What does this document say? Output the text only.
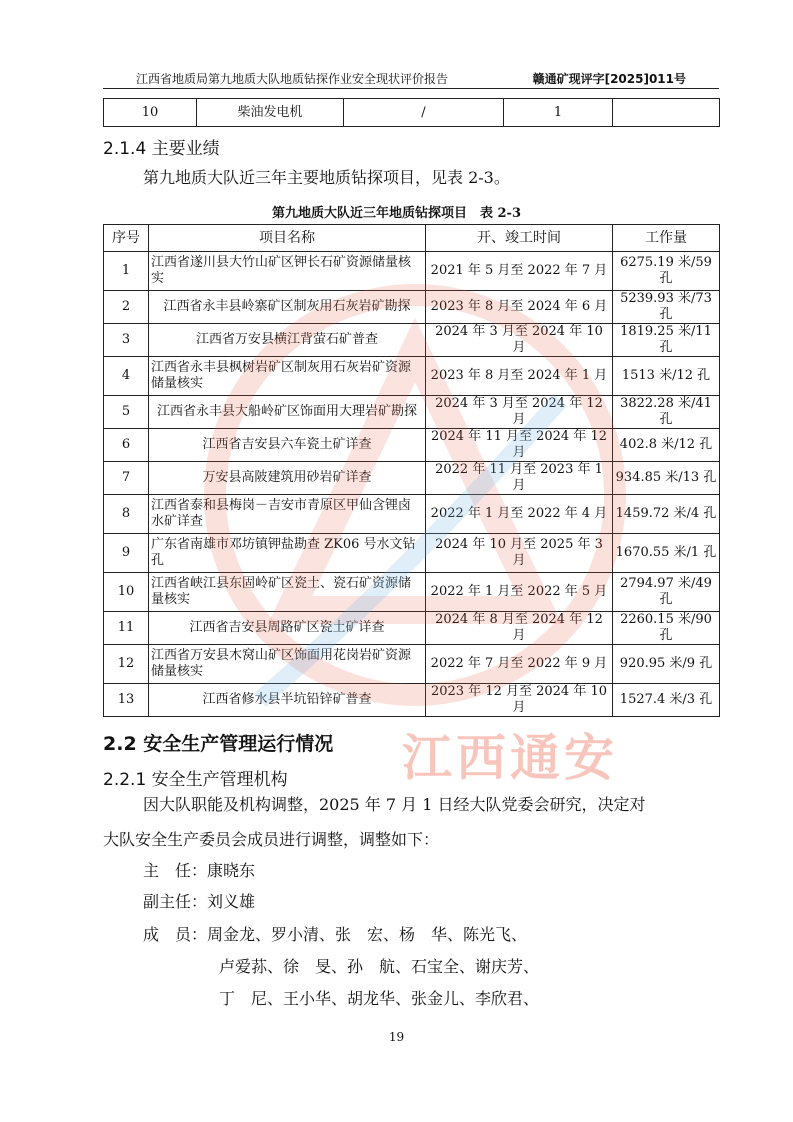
江西省地质局第九地质大队地质钻探作业安全现状评价报告	赣通矿现评字[2025]011号
10	柴油发电机	/	1	
2.1.4 主要业绩
第九地质大队近三年主要地质钻探项目，见表 2-3。
第九地质大队近三年地质钻探项目　表 2-3
序号	项目名称	开、竣工时间	工作量
1	江西省遂川县大竹山矿区钾长石矿资源储量核实	2021 年 5 月至 2022 年 7 月	6275.19 米/59 孔
2	江西省永丰县岭寨矿区制灰用石灰岩矿勘探	2023 年 8 月至 2024 年 6 月	5239.93 米/73 孔
3	江西省万安县横江背萤石矿普查	2024 年 3 月至 2024 年 10 月	1819.25 米/11 孔
4	江西省永丰县枫树岩矿区制灰用石灰岩矿资源储量核实	2023 年 8 月至 2024 年 1 月	1513 米/12 孔
5	江西省永丰县大船岭矿区饰面用大理岩矿勘探	2024 年 3 月至 2024 年 12 月	3822.28 米/41 孔
6	江西省吉安县六车瓷土矿详查	2024 年 11 月至 2024 年 12 月	402.8 米/12 孔
7	万安县高陂建筑用砂岩矿详查	2022 年 11 月至 2023 年 1 月	934.85 米/13 孔
8	江西省泰和县梅岗－吉安市青原区甲仙含锂卤水矿详查	2022 年 1 月至 2022 年 4 月	1459.72 米/4 孔
9	广东省南雄市邓坊镇钾盐勘查 ZK06 号水文钻孔	2024 年 10 月至 2025 年 3 月	1670.55 米/1 孔
10	江西省峡江县东固岭矿区瓷土、瓷石矿资源储量核实	2022 年 1 月至 2022 年 5 月	2794.97 米/49 孔
11	江西省吉安县周路矿区瓷土矿详查	2024 年 8 月至 2024 年 12 月	2260.15 米/90 孔
12	江西省万安县木窝山矿区饰面用花岗岩矿资源储量核实	2022 年 7 月至 2022 年 9 月	920.95 米/9 孔
13	江西省修水县半坑铅锌矿普查	2023 年 12 月至 2024 年 10 月	1527.4 米/3 孔
2.2 安全生产管理运行情况
2.2.1 安全生产管理机构
因大队职能及机构调整，2025 年 7 月 1 日经大队党委会研究，决定对
大队安全生产委员会成员进行调整，调整如下：
主　任：康晓东
副主任：刘义雄
成　员：周金龙、罗小清、张　宏、杨　华、陈光飞、
卢爱荪、徐　旻、孙　航、石宝全、谢庆芳、
丁　尼、王小华、胡龙华、张金儿、李欣君、
19
江西通安
